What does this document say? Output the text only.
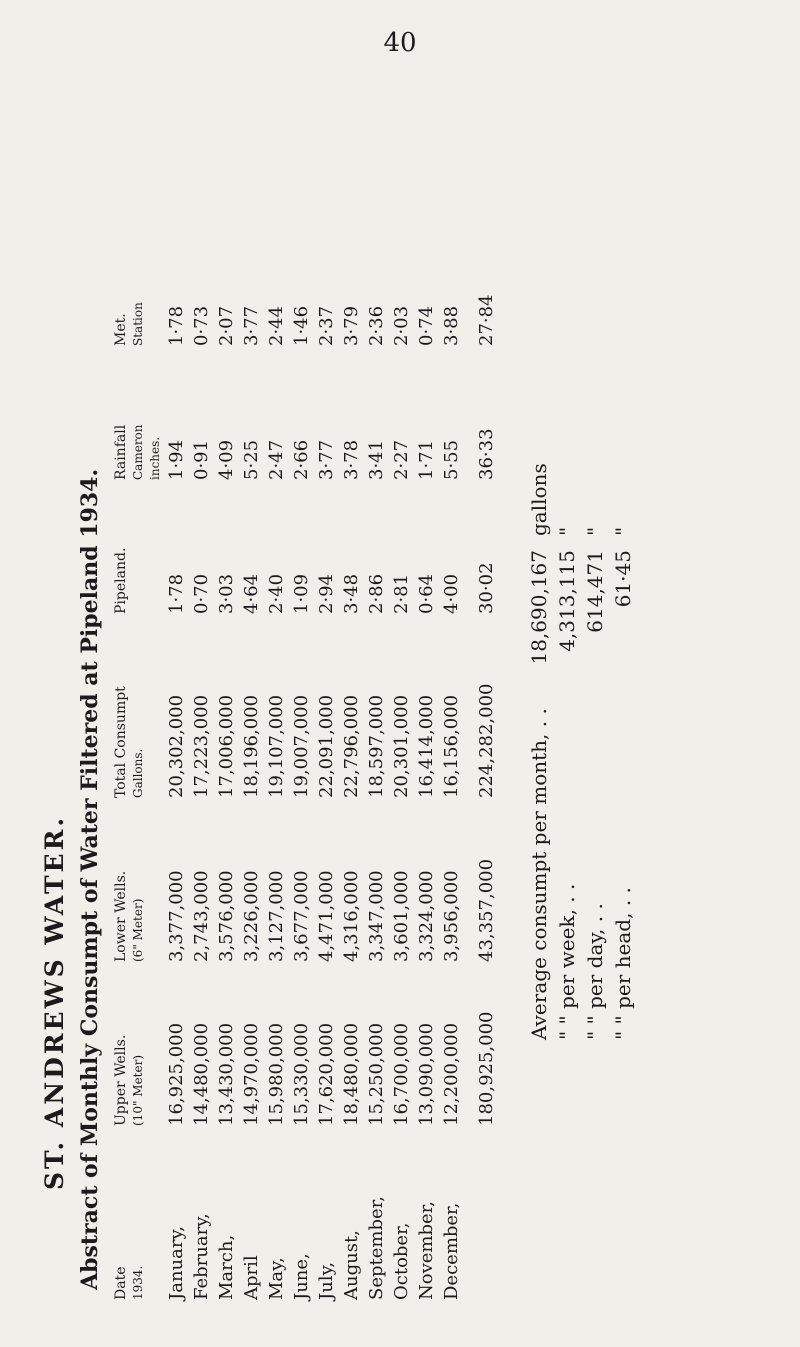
40
ST. ANDREWS WATER. Abstract of Monthly Consumpt of Water Filtered at Pipeland 1934. Date 1934.
Upper Wells. (10" Meter)
Lower Wells. (6" Meter)
Total Consumpt Gallons.
Pipeland.
Rainfall Cameron inches.
Met. Station
January,
16,925,000
3,377,000
20,302,000
1·78
1·94
1·78
February,
14,480,000
2,743,000
17,223,000
0·70
0·91
0·73
March,
13,430,000
3,576,000
17,006,000
3·03
4·09
2·07
April
14,970,000
3,226,000
18,196,000
4·64
5·25
3·77
May,
15,980,000
3,127,000
19,107,000
2·40
2·47
2·44
June,
15,330,000
3,677,000
19,007,000
1·09
2·66
1·46
July,
17,620,000
4,471,000
22,091,000
2·94
3·77
2·37
August,
18,480,000
4,316,000
22,796,000
3·48
3·78
3·79
September,
15,250,000
3,347,000
18,597,000
2·86
3·41
2·36
October,
16,700,000
3,601,000
20,301,000
2·81
2·27
2·03
November,
13,090,000
3,324,000
16,414,000
0·64
1·71
0·74
December,
12,200,000
3,956,000
16,156,000
4·00
5·55
3·88
180,925,000
43,357,000
224,282,000
30·02
36·33
27·84
Average consumpt per month, . .
18,690,167
gallons
" " per week, . .
4,313,115
"
" " per day, . .
614,471
"
" " per head, . .
61·45
"
